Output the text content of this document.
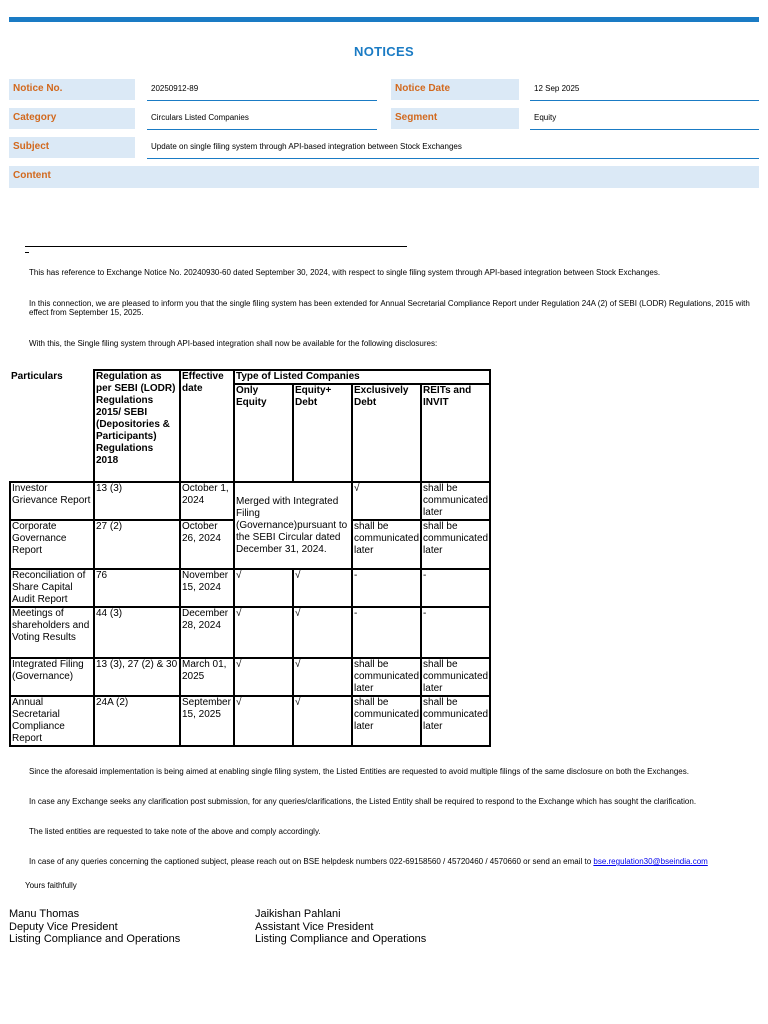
NOTICES
Notice No.	20250912-89	Notice Date	12 Sep 2025
Category	Circulars Listed Companies	Segment	Equity
Subject	Update on single filing system through API-based integration between Stock Exchanges
Content
This has reference to Exchange Notice No. 20240930-60 dated September 30, 2024, with respect to single filing system through API-based integration between Stock Exchanges.
In this connection, we are pleased to inform you that the single filing system has been extended for Annual Secretarial Compliance Report under Regulation 24A (2) of SEBI (LODR) Regulations, 2015 with effect from September 15, 2025.
With this, the Single filing system through API-based integration shall now be available for the following disclosures:
Particulars	Regulation as per SEBI (LODR) Regulations 2015/ SEBI (Depositories & Participants) Regulations 2018	Effective date	Type of Listed Companies			
			Only Equity	Equity+ Debt	Exclusively Debt	REITs and INVIT
Investor Grievance Report	13 (3)	October 1, 2024	Merged with Integrated Filing (Governance)pursuant to the SEBI Circular dated December 31, 2024.		√	shall be communicated later
Corporate Governance Report	27 (2)	October 26, 2024			shall be communicated later	shall be communicated later
Reconciliation of Share Capital Audit Report	76	November 15, 2024	√	√	-	-
Meetings of shareholders and Voting Results	44 (3)	December 28, 2024	√	√	-	-
Integrated Filing (Governance)	13 (3), 27 (2) & 30	March 01, 2025	√	√	shall be communicated later	shall be communicated later
Annual Secretarial Compliance Report	24A (2)	September 15, 2025	√	√	shall be communicated later	shall be communicated later
Since the aforesaid implementation is being aimed at enabling single filing system, the Listed Entities are requested to avoid multiple filings of the same disclosure on both the Exchanges.
In case any Exchange seeks any clarification post submission, for any queries/clarifications, the Listed Entity shall be required to respond to the Exchange which has sought the clarification.
The listed entities are requested to take note of the above and comply accordingly.
In case of any queries concerning the captioned subject, please reach out on BSE helpdesk numbers 022-69158560 / 45720460 / 4570660 or send an email to bse.regulation30@bseindia.com
Yours faithfully
Manu Thomas
Deputy Vice President
Listing Compliance and Operations
Jaikishan Pahlani
Assistant Vice President
Listing Compliance and Operations
